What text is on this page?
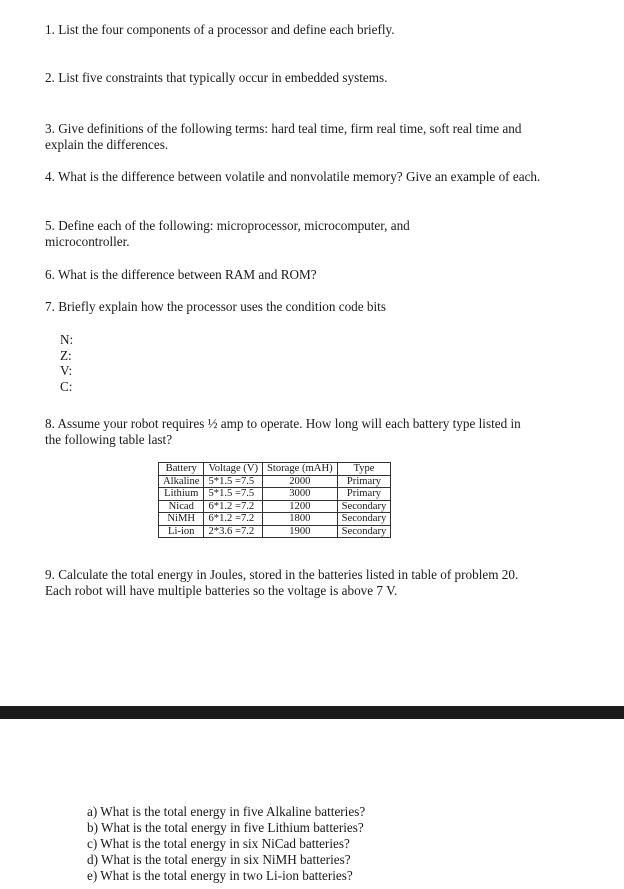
1. List the four components of a processor and define each briefly.

2. List five constraints that typically occur in embedded systems.

3. Give definitions of the following terms: hard teal time, firm real time, soft real time and explain the differences.

4. What is the difference between volatile and nonvolatile memory? Give an example of each.

5. Define each of the following: microprocessor, microcomputer, and microcontroller.

6. What is the difference between RAM and ROM?

7. Briefly explain how the processor uses the condition code bits

N:
Z:
V:
C:

8. Assume your robot requires ½ amp to operate. How long will each battery type listed in the following table last?

Battery	Voltage (V)	Storage (mAH)	Type
Alkaline	5*1.5 =7.5	2000	Primary
Lithium	5*1.5 =7.5	3000	Primary
Nicad	6*1.2 =7.2	1200	Secondary
NiMH	6*1.2 =7.2	1800	Secondary
Li-ion	2*3.6 =7.2	1900	Secondary

9. Calculate the total energy in Joules, stored in the batteries listed in table of problem 20. Each robot will have multiple batteries so the voltage is above 7 V.

a) What is the total energy in five Alkaline batteries?
b) What is the total energy in five Lithium batteries?
c) What is the total energy in six NiCad batteries?
d) What is the total energy in six NiMH batteries?
e) What is the total energy in two Li-ion batteries?
